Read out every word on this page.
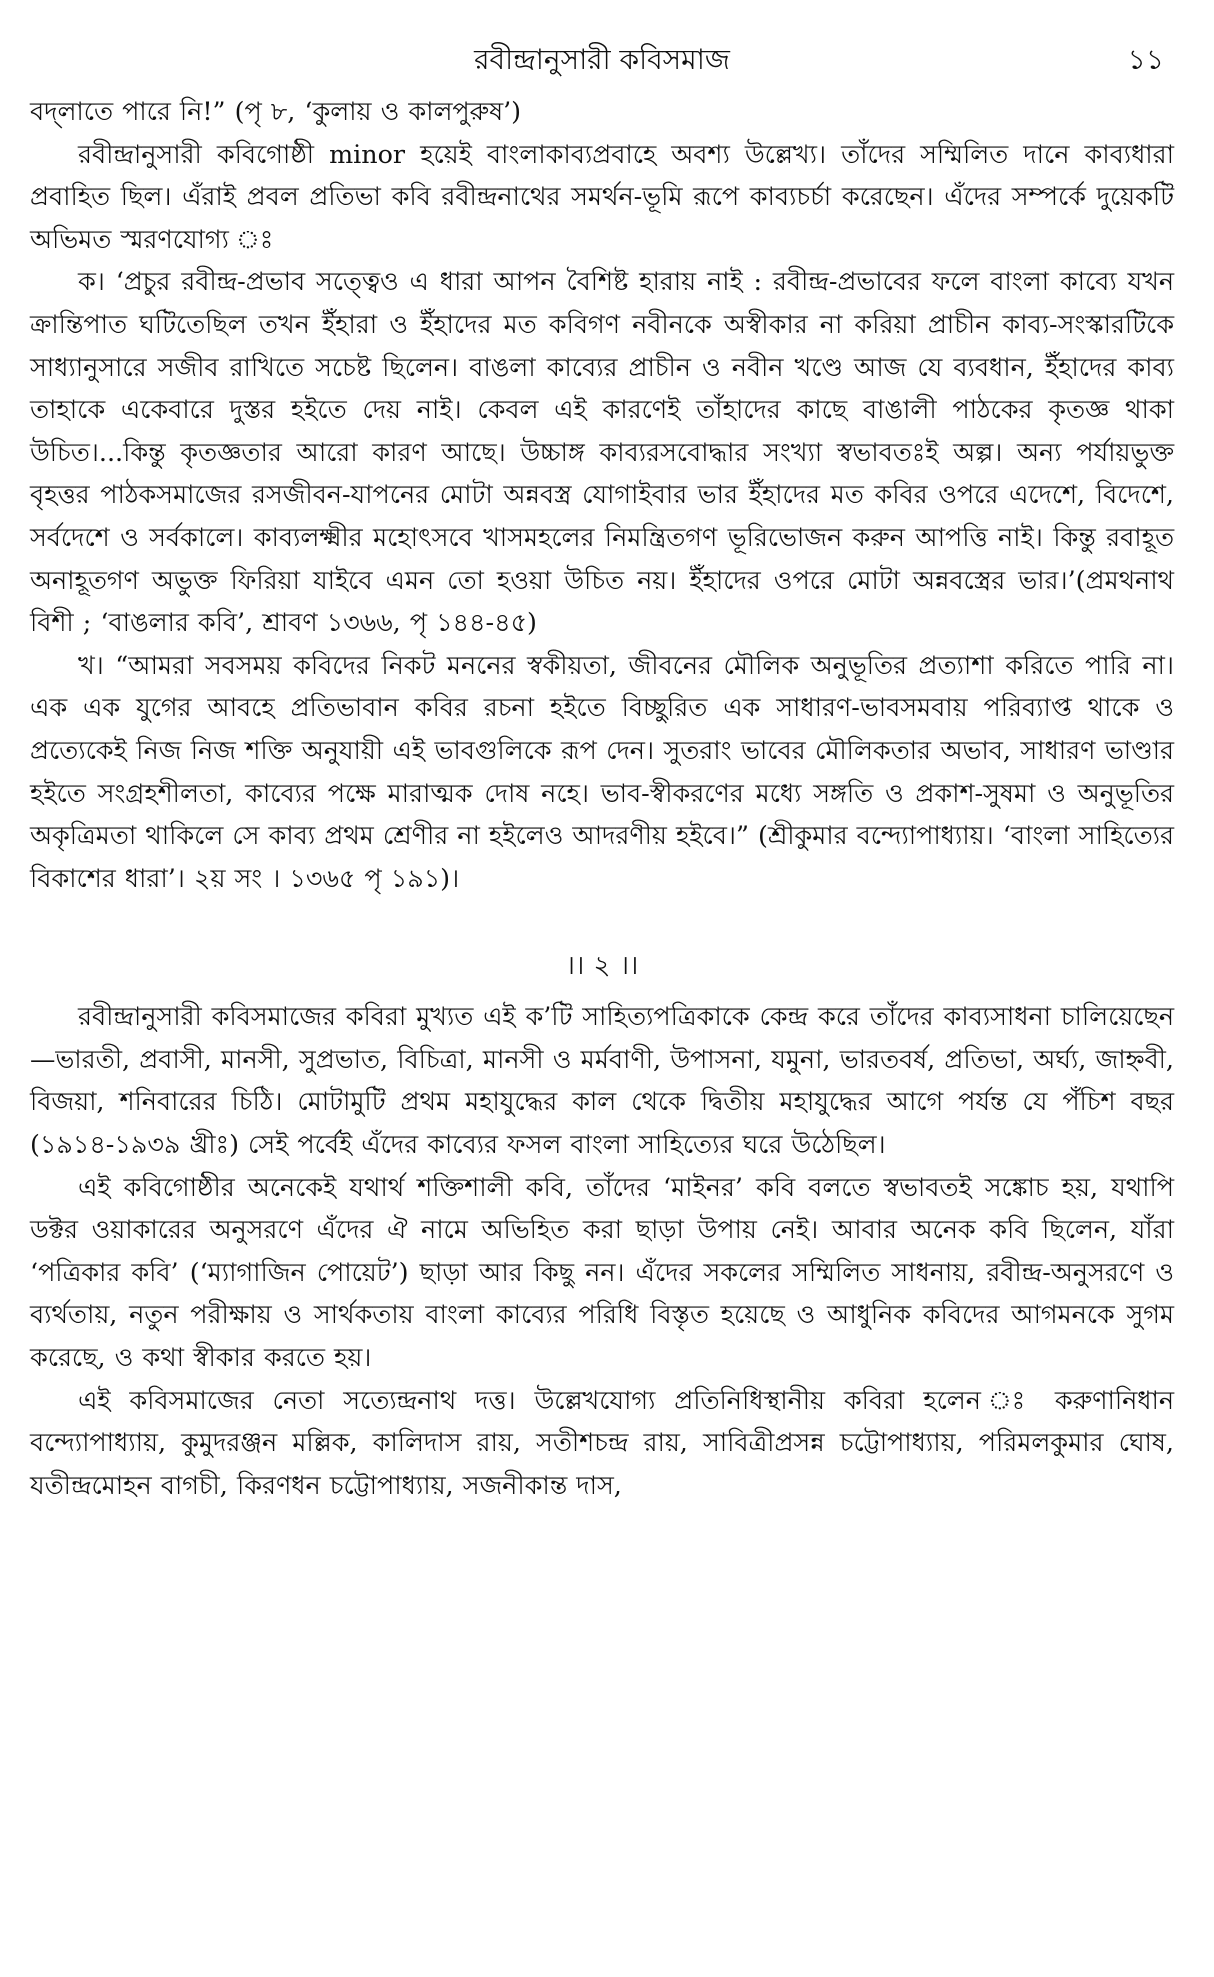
রবীন্দ্রানুসারী কবিসমাজ	১১

বদ্‌লাতে পারে নি!” (পৃ ৮, ‘কুলায় ও কালপুরুষ’)

রবীন্দ্রানুসারী কবিগোষ্ঠী minor হয়েই বাংলাকাব্যপ্রবাহে অবশ্য উল্লেখ্য। তাঁদের সম্মিলিত দানে কাব্যধারা প্রবাহিত ছিল। এঁরাই প্রবল প্রতিভা কবি রবীন্দ্রনাথের সমর্থন-ভূমি রূপে কাব্যচর্চা করেছেন। এঁদের সম্পর্কে দুয়েকটি অভিমত স্মরণযোগ্য ঃ

ক। ‘প্রচুর রবীন্দ্র-প্রভাব সত্ত্বেও এ ধারা আপন বৈশিষ্ট হারায় নাই : রবীন্দ্র-প্রভাবের ফলে বাংলা কাব্যে যখন ক্রান্তিপাত ঘটিতেছিল তখন ইঁহারা ও ইঁহাদের মত কবিগণ নবীনকে অস্বীকার না করিয়া প্রাচীন কাব্য-সংস্কারটিকে সাধ্যানুসারে সজীব রাখিতে সচেষ্ট ছিলেন। বাঙলা কাব্যের প্রাচীন ও নবীন খণ্ডে আজ যে ব্যবধান, ইঁহাদের কাব্য তাহাকে একেবারে দুস্তর হইতে দেয় নাই। কেবল এই কারণেই তাঁহাদের কাছে বাঙালী পাঠকের কৃতজ্ঞ থাকা উচিত।...কিন্তু কৃতজ্ঞতার আরো কারণ আছে। উচ্চাঙ্গ কাব্যরসবোদ্ধার সংখ্যা স্বভাবতঃই অল্প। অন্য পর্যায়ভুক্ত বৃহত্তর পাঠকসমাজের রসজীবন-যাপনের মোটা অন্নবস্ত্র যোগাইবার ভার ইঁহাদের মত কবির ওপরে এদেশে, বিদেশে, সর্বদেশে ও সর্বকালে। কাব্যলক্ষ্মীর মহোৎসবে খাসমহলের নিমন্ত্রিতগণ ভূরিভোজন করুন আপত্তি নাই। কিন্তু রবাহূত অনাহূতগণ অভুক্ত ফিরিয়া যাইবে এমন তো হওয়া উচিত নয়। ইঁহাদের ওপরে মোটা অন্নবস্ত্রের ভার।’(প্রমথনাথ বিশী ; ‘বাঙলার কবি’, শ্রাবণ ১৩৬৬, পৃ ১৪৪-৪৫)

খ। “আমরা সবসময় কবিদের নিকট মননের স্বকীয়তা, জীবনের মৌলিক অনুভূতির প্রত্যাশা করিতে পারি না। এক এক যুগের আবহে প্রতিভাবান কবির রচনা হইতে বিচ্ছুরিত এক সাধারণ-ভাবসমবায় পরিব্যাপ্ত থাকে ও প্রত্যেকেই নিজ নিজ শক্তি অনুযায়ী এই ভাবগুলিকে রূপ দেন। সুতরাং ভাবের মৌলিকতার অভাব, সাধারণ ভাণ্ডার হইতে সংগ্রহশীলতা, কাব্যের পক্ষে মারাত্মক দোষ নহে। ভাব-স্বীকরণের মধ্যে সঙ্গতি ও প্রকাশ-সুষমা ও অনুভূতির অকৃত্রিমতা থাকিলে সে কাব্য প্রথম শ্রেণীর না হইলেও আদরণীয় হইবে।” (শ্রীকুমার বন্দ্যোপাধ্যায়। ‘বাংলা সাহিত্যের বিকাশের ধারা’। ২য় সং । ১৩৬৫ পৃ ১৯১)।

।। ২ ।।

রবীন্দ্রানুসারী কবিসমাজের কবিরা মুখ্যত এই ক’টি সাহিত্যপত্রিকাকে কেন্দ্র করে তাঁদের কাব্যসাধনা চালিয়েছেন—ভারতী, প্রবাসী, মানসী, সুপ্রভাত, বিচিত্রা, মানসী ও মর্মবাণী, উপাসনা, যমুনা, ভারতবর্ষ, প্রতিভা, অর্ঘ্য, জাহ্নবী, বিজয়া, শনিবারের চিঠি। মোটামুটি প্রথম মহাযুদ্ধের কাল থেকে দ্বিতীয় মহাযুদ্ধের আগে পর্যন্ত যে পঁচিশ বছর (১৯১৪-১৯৩৯ খ্রীঃ) সেই পর্বেই এঁদের কাব্যের ফসল বাংলা সাহিত্যের ঘরে উঠেছিল।

এই কবিগোষ্ঠীর অনেকেই যথার্থ শক্তিশালী কবি, তাঁদের ‘মাইনর’ কবি বলতে স্বভাবতই সঙ্কোচ হয়, যথাপি ডক্টর ওয়াকারের অনুসরণে এঁদের ঐ নামে অভিহিত করা ছাড়া উপায় নেই। আবার অনেক কবি ছিলেন, যাঁরা ‘পত্রিকার কবি’ (‘ম্যাগাজিন পোয়েট’) ছাড়া আর কিছু নন। এঁদের সকলের সম্মিলিত সাধনায়, রবীন্দ্র-অনুসরণে ও ব্যর্থতায়, নতুন পরীক্ষায় ও সার্থকতায় বাংলা কাব্যের পরিধি বিস্তৃত হয়েছে ও আধুনিক কবিদের আগমনকে সুগম করেছে, ও কথা স্বীকার করতে হয়।

এই কবিসমাজের নেতা সত্যেন্দ্রনাথ দত্ত। উল্লেখযোগ্য প্রতিনিধিস্থানীয় কবিরা হলেন ঃ করুণানিধান বন্দ্যোপাধ্যায়, কুমুদরঞ্জন মল্লিক, কালিদাস রায়, সতীশচন্দ্র রায়, সাবিত্রীপ্রসন্ন চট্টোপাধ্যায়, পরিমলকুমার ঘোষ, যতীন্দ্রমোহন বাগচী, কিরণধন চট্টোপাধ্যায়, সজনীকান্ত দাস,
